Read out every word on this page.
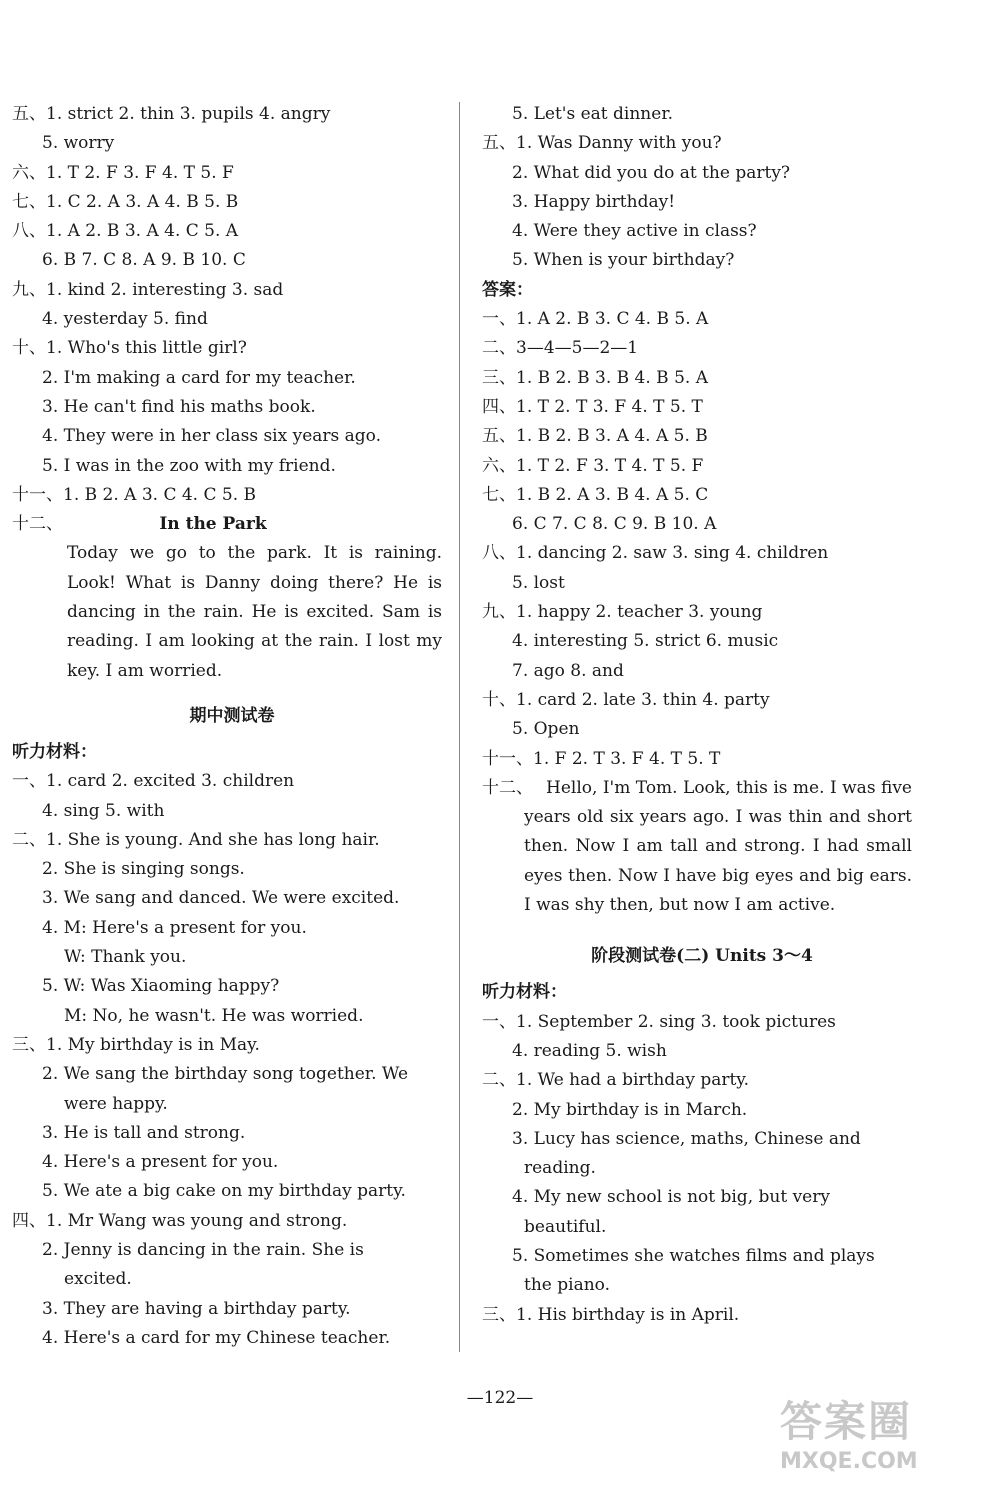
五、1. strict 2. thin 3. pupils 4. angry
5. worry
六、1. T 2. F 3. F 4. T 5. F
七、1. C 2. A 3. A 4. B 5. B
八、1. A 2. B 3. A 4. C 5. A
6. B 7. C 8. A 9. B 10. C
九、1. kind 2. interesting 3. sad
4. yesterday 5. find
十、1. Who's this little girl?
2. I'm making a card for my teacher.
3. He can't find his maths book.
4. They were in her class six years ago.
5. I was in the zoo with my friend.
十一、1. B 2. A 3. C 4. C 5. B
十二、	In the Park
Today we go to the park. It is raining. Look! What is Danny doing there? He is dancing in the rain. He is excited. Sam is reading. I am looking at the rain. I lost my key. I am worried.
期中测试卷
听力材料：
一、1. card 2. excited 3. children
4. sing 5. with
二、1. She is young. And she has long hair.
2. She is singing songs.
3. We sang and danced. We were excited.
4. M: Here's a present for you.
W: Thank you.
5. W: Was Xiaoming happy?
M: No, he wasn't. He was worried.
三、1. My birthday is in May.
2. We sang the birthday song together. We
were happy.
3. He is tall and strong.
4. Here's a present for you.
5. We ate a big cake on my birthday party.
四、1. Mr Wang was young and strong.
2. Jenny is dancing in the rain. She is
excited.
3. They are having a birthday party.
4. Here's a card for my Chinese teacher.
5. Let's eat dinner.
五、1. Was Danny with you?
2. What did you do at the party?
3. Happy birthday!
4. Were they active in class?
5. When is your birthday?
答案：
一、1. A 2. B 3. C 4. B 5. A
二、3—4—5—2—1
三、1. B 2. B 3. B 4. B 5. A
四、1. T 2. T 3. F 4. T 5. T
五、1. B 2. B 3. A 4. A 5. B
六、1. T 2. F 3. T 4. T 5. F
七、1. B 2. A 3. B 4. A 5. C
6. C 7. C 8. C 9. B 10. A
八、1. dancing 2. saw 3. sing 4. children
5. lost
九、1. happy 2. teacher 3. young
4. interesting 5. strict 6. music
7. ago 8. and
十、1. card 2. late 3. thin 4. party
5. Open
十一、1. F 2. T 3. F 4. T 5. T
十二、 Hello, I'm Tom. Look, this is me. I was five years old six years ago. I was thin and short then. Now I am tall and strong. I had small eyes then. Now I have big eyes and big ears. I was shy then, but now I am active.
阶段测试卷(二) Units 3～4
听力材料：
一、1. September 2. sing 3. took pictures
4. reading 5. wish
二、1. We had a birthday party.
2. My birthday is in March.
3. Lucy has science, maths, Chinese and
reading.
4. My new school is not big, but very
beautiful.
5. Sometimes she watches films and plays
the piano.
三、1. His birthday is in April.
—122—	答案圈
MXQE.COM
